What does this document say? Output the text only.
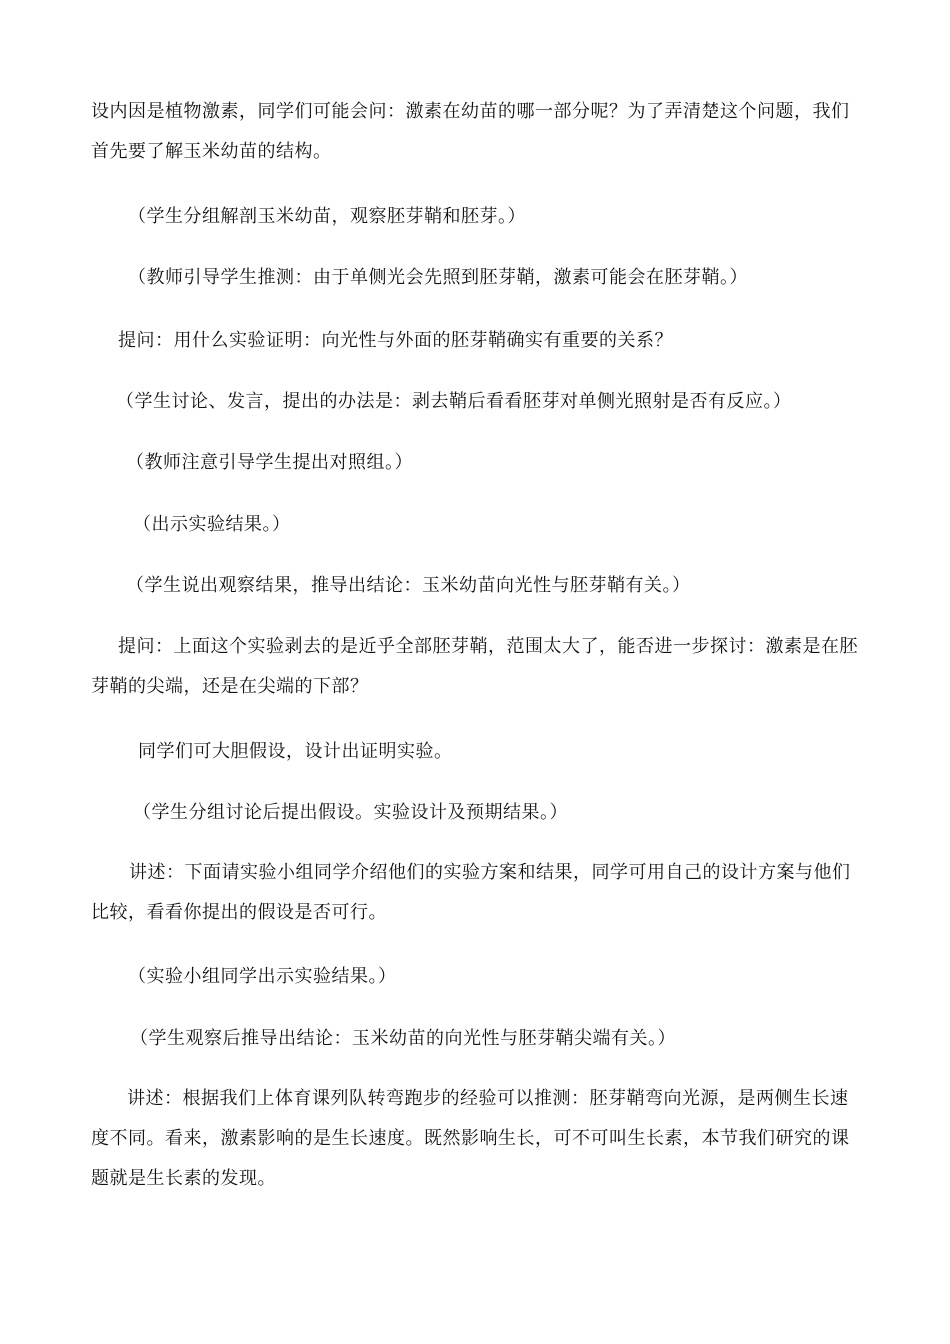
设内因是植物激素，同学们可能会问：激素在幼苗的哪一部分呢？为了弄清楚这个问题，我们首先要了解玉米幼苗的结构。

（学生分组解剖玉米幼苗，观察胚芽鞘和胚芽。）

（教师引导学生推测：由于单侧光会先照到胚芽鞘，激素可能会在胚芽鞘。）

提问：用什么实验证明：向光性与外面的胚芽鞘确实有重要的关系？

（学生讨论、发言，提出的办法是：剥去鞘后看看胚芽对单侧光照射是否有反应。）

（教师注意引导学生提出对照组。）

（出示实验结果。）

（学生说出观察结果，推导出结论：玉米幼苗向光性与胚芽鞘有关。）

提问：上面这个实验剥去的是近乎全部胚芽鞘，范围太大了，能否进一步探讨：激素是在胚芽鞘的尖端，还是在尖端的下部？

同学们可大胆假设，设计出证明实验。

（学生分组讨论后提出假设。实验设计及预期结果。）

讲述：下面请实验小组同学介绍他们的实验方案和结果，同学可用自己的设计方案与他们比较，看看你提出的假设是否可行。

（实验小组同学出示实验结果。）

（学生观察后推导出结论：玉米幼苗的向光性与胚芽鞘尖端有关。）

讲述：根据我们上体育课列队转弯跑步的经验可以推测：胚芽鞘弯向光源，是两侧生长速度不同。看来，激素影响的是生长速度。既然影响生长，可不可叫生长素，本节我们研究的课题就是生长素的发现。
